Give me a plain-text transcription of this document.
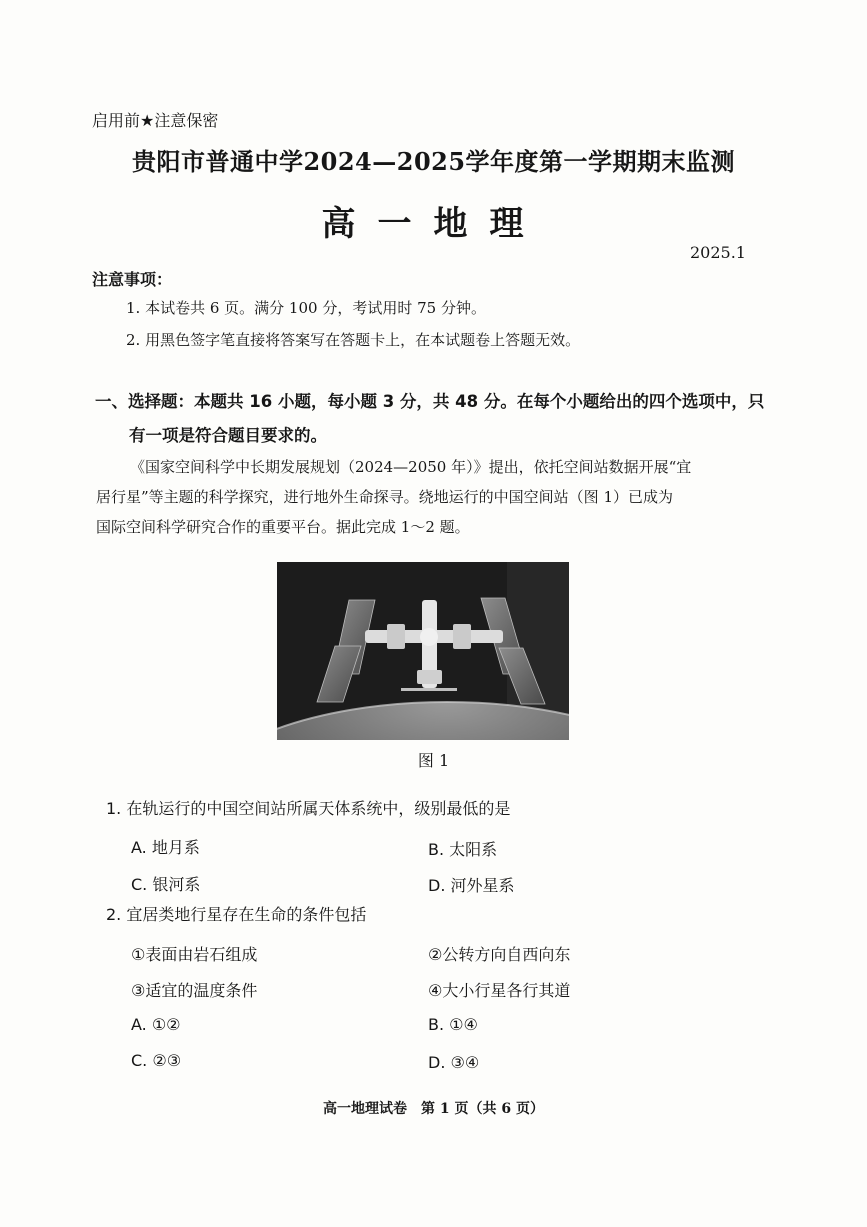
启用前★注意保密
贵阳市普通中学2024—2025学年度第一学期期末监测
高一地理
2025.1
注意事项：
1. 本试卷共 6 页。满分 100 分，考试用时 75 分钟。
2. 用黑色签字笔直接将答案写在答题卡上，在本试题卷上答题无效。
一、选择题：本题共 16 小题，每小题 3 分，共 48 分。在每个小题给出的四个选项中，只
有一项是符合题目要求的。
《国家空间科学中长期发展规划（2024—2050 年）》提出，依托空间站数据开展“宜
居行星”等主题的科学探究，进行地外生命探寻。绕地运行的中国空间站（图 1）已成为
国际空间科学研究合作的重要平台。据此完成 1～2 题。
图 1
1. 在轨运行的中国空间站所属天体系统中，级别最低的是
A. 地月系	B. 太阳系
C. 银河系	D. 河外星系
2. 宜居类地行星存在生命的条件包括
①表面由岩石组成	②公转方向自西向东
③适宜的温度条件	④大小行星各行其道
A. ①②	B. ①④
C. ②③	D. ③④
高一地理试卷　第 1 页（共 6 页）
